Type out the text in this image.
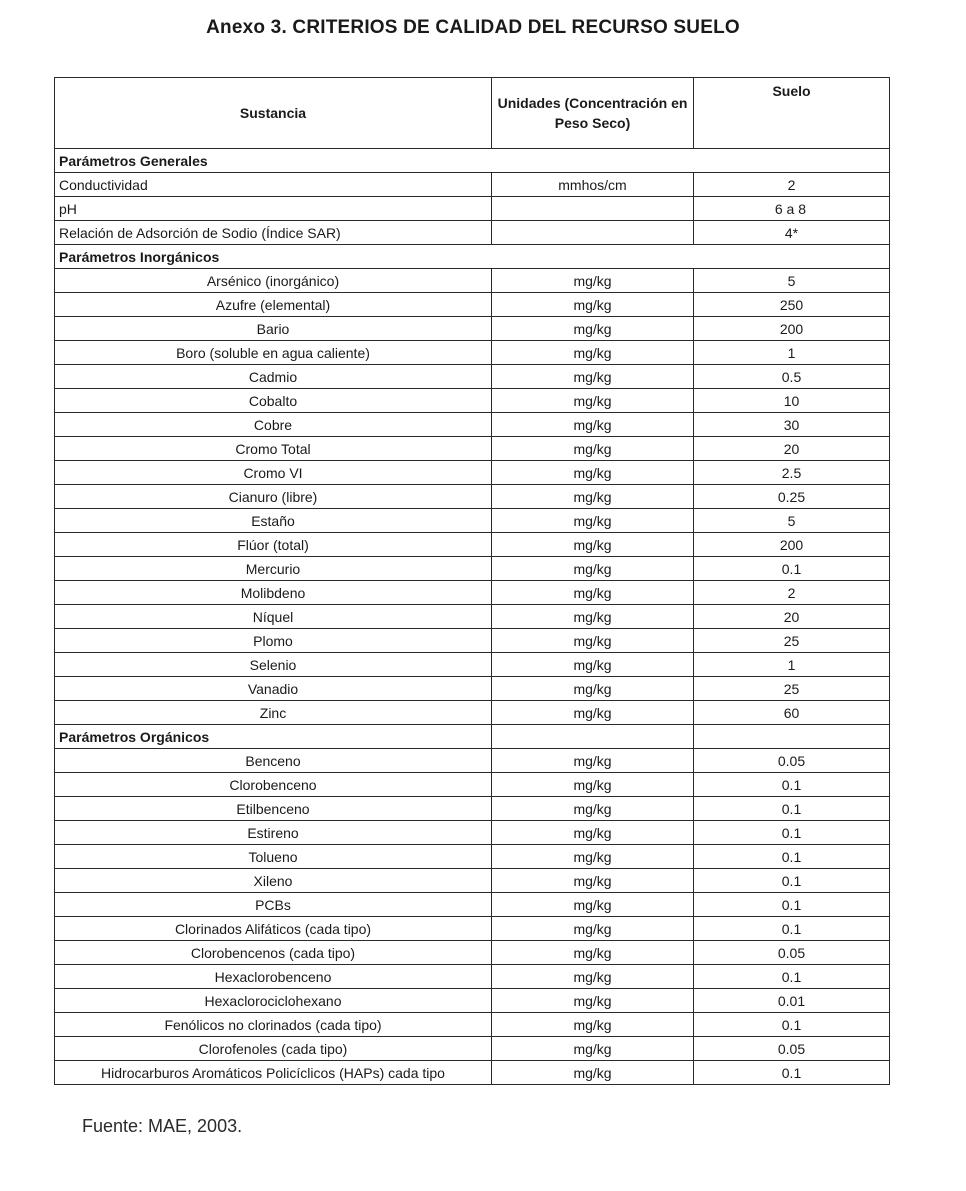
Anexo 3. CRITERIOS DE CALIDAD DEL RECURSO SUELO
Sustancia	Unidades (Concentración en Peso Seco)	Suelo
Parámetros Generales		
Conductividad	mmhos/cm	2
pH		6 a 8
Relación de Adsorción de Sodio (Índice SAR)		4*
Parámetros Inorgánicos		
Arsénico (inorgánico)	mg/kg	5
Azufre (elemental)	mg/kg	250
Bario	mg/kg	200
Boro (soluble en agua caliente)	mg/kg	1
Cadmio	mg/kg	0.5
Cobalto	mg/kg	10
Cobre	mg/kg	30
Cromo Total	mg/kg	20
Cromo VI	mg/kg	2.5
Cianuro (libre)	mg/kg	0.25
Estaño	mg/kg	5
Flúor (total)	mg/kg	200
Mercurio	mg/kg	0.1
Molibdeno	mg/kg	2
Níquel	mg/kg	20
Plomo	mg/kg	25
Selenio	mg/kg	1
Vanadio	mg/kg	25
Zinc	mg/kg	60
Parámetros Orgánicos		
Benceno	mg/kg	0.05
Clorobenceno	mg/kg	0.1
Etilbenceno	mg/kg	0.1
Estireno	mg/kg	0.1
Tolueno	mg/kg	0.1
Xileno	mg/kg	0.1
PCBs	mg/kg	0.1
Clorinados Alifáticos (cada tipo)	mg/kg	0.1
Clorobencenos (cada tipo)	mg/kg	0.05
Hexaclorobenceno	mg/kg	0.1
Hexaclorociclohexano	mg/kg	0.01
Fenólicos no clorinados (cada tipo)	mg/kg	0.1
Clorofenoles (cada tipo)	mg/kg	0.05
Hidrocarburos Aromáticos Policíclicos (HAPs) cada tipo	mg/kg	0.1
Fuente: MAE, 2003.
